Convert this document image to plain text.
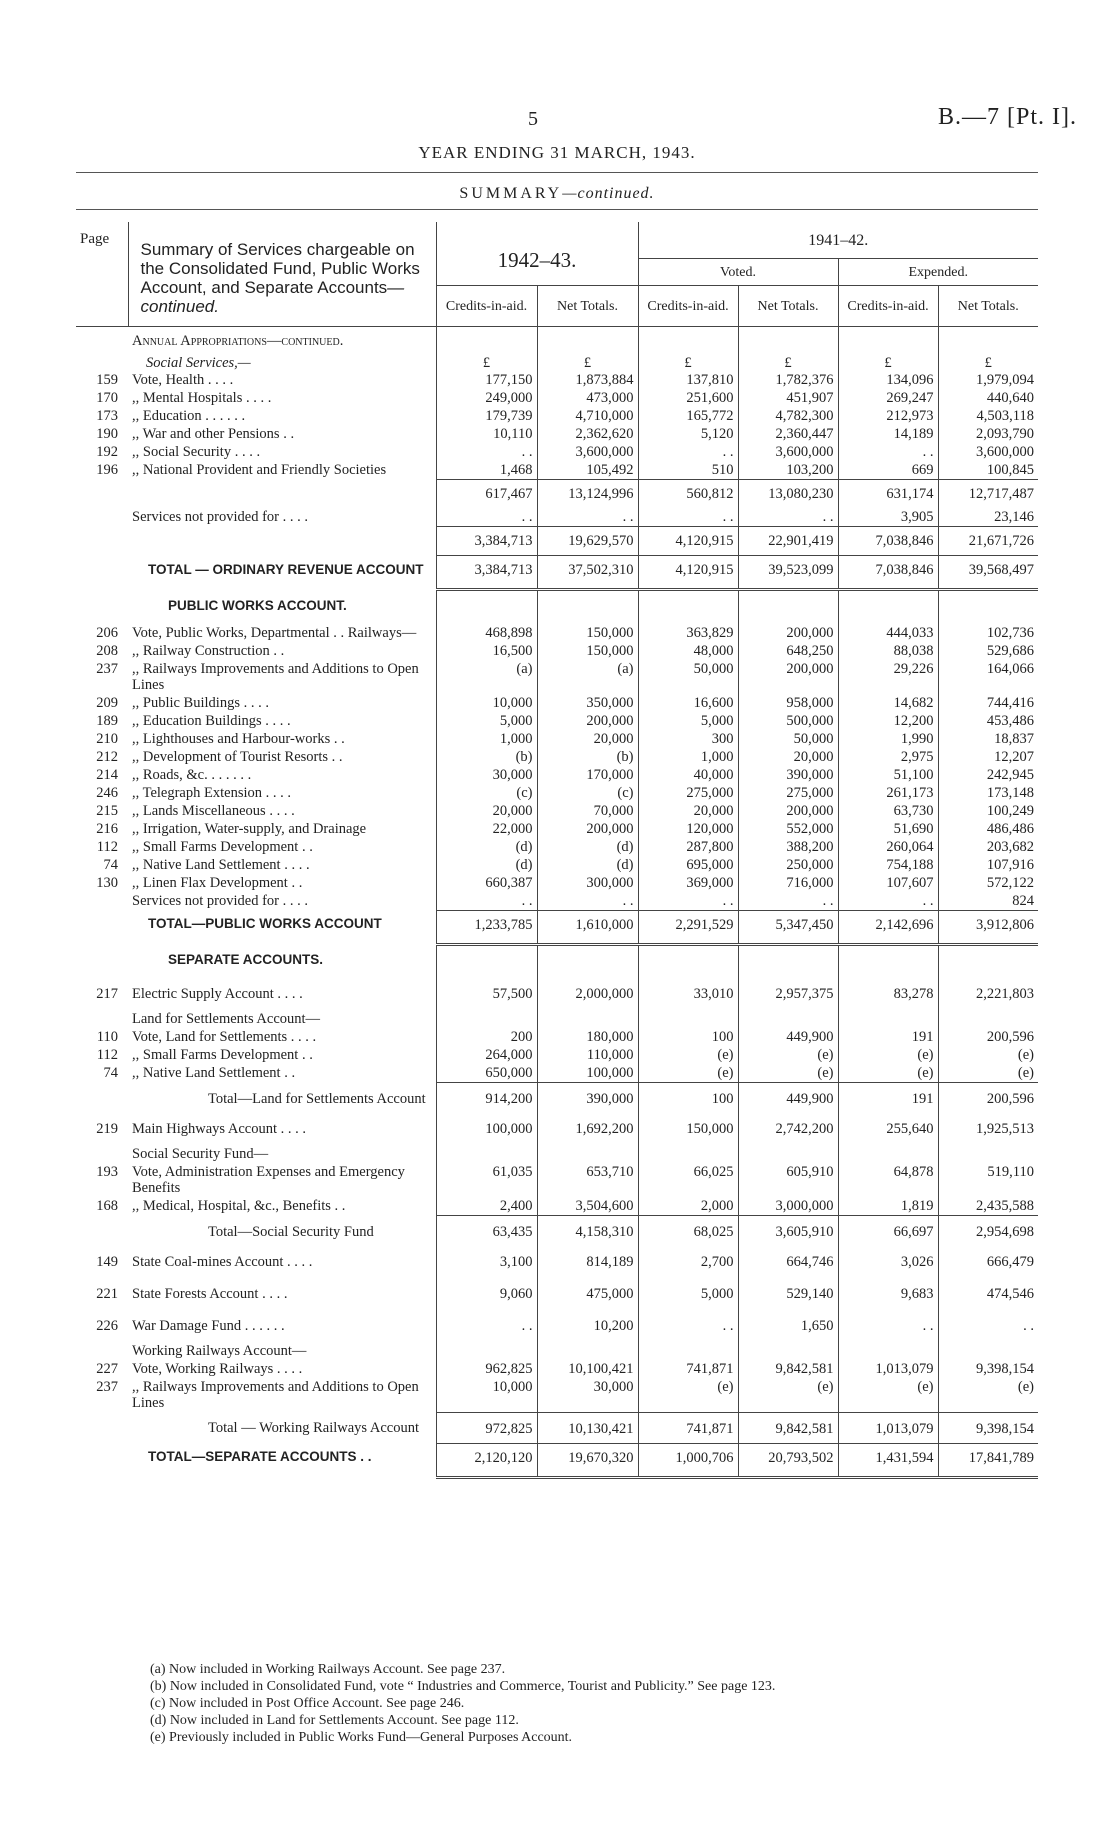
5	B.—7 [Pt. I].
YEAR ENDING 31 MARCH, 1943.
SUMMARY—continued.
Page	Summary of Services chargeable on the Consolidated Fund, Public Works Account, and Separate Accounts—continued.	1942–43.		1941–42.			
				Voted.		Expended.	
		Credits-in-aid.	Net Totals.	Credits-in-aid.	Net Totals.	Credits-in-aid.	Net Totals.
	Annual Appropriations—continued.						
	Social Services,—	£	£	£	£	£	£
159	Vote, Health . . . .	177,150	1,873,884	137,810	1,782,376	134,096	1,979,094
170	,, Mental Hospitals . . . .	249,000	473,000	251,600	451,907	269,247	440,640
173	,, Education . . . . . .	179,739	4,710,000	165,772	4,782,300	212,973	4,503,118
190	,, War and other Pensions . .	10,110	2,362,620	5,120	2,360,447	14,189	2,093,790
192	,, Social Security . . . .	. .	3,600,000	. .	3,600,000	. .	3,600,000
196	,, National Provident and Friendly Societies	1,468	105,492	510	103,200	669	100,845
		617,467	13,124,996	560,812	13,080,230	631,174	12,717,487
	Services not provided for . . . .	. .	. .	. .	. .	3,905	23,146
		3,384,713	19,629,570	4,120,915	22,901,419	7,038,846	21,671,726
	TOTAL — ORDINARY REVENUE ACCOUNT	3,384,713	37,502,310	4,120,915	39,523,099	7,038,846	39,568,497
	PUBLIC WORKS ACCOUNT.						
206	Vote, Public Works, Departmental . . Railways—	468,898	150,000	363,829	200,000	444,033	102,736
208	,, Railway Construction . .	16,500	150,000	48,000	648,250	88,038	529,686
237	,, Railways Improvements and Additions to Open Lines	(a)	(a)	50,000	200,000	29,226	164,066
209	,, Public Buildings . . . .	10,000	350,000	16,600	958,000	14,682	744,416
189	,, Education Buildings . . . .	5,000	200,000	5,000	500,000	12,200	453,486
210	,, Lighthouses and Harbour-works . .	1,000	20,000	300	50,000	1,990	18,837
212	,, Development of Tourist Resorts . .	(b)	(b)	1,000	20,000	2,975	12,207
214	,, Roads, &c. . . . . . .	30,000	170,000	40,000	390,000	51,100	242,945
246	,, Telegraph Extension . . . .	(c)	(c)	275,000	275,000	261,173	173,148
215	,, Lands Miscellaneous . . . .	20,000	70,000	20,000	200,000	63,730	100,249
216	,, Irrigation, Water-supply, and Drainage	22,000	200,000	120,000	552,000	51,690	486,486
112	,, Small Farms Development . .	(d)	(d)	287,800	388,200	260,064	203,682
74	,, Native Land Settlement . . . .	(d)	(d)	695,000	250,000	754,188	107,916
130	,, Linen Flax Development . .	660,387	300,000	369,000	716,000	107,607	572,122
	Services not provided for . . . .	. .	. .	. .	. .	. .	824
	TOTAL—PUBLIC WORKS ACCOUNT	1,233,785	1,610,000	2,291,529	5,347,450	2,142,696	3,912,806
	SEPARATE ACCOUNTS.						
217	Electric Supply Account . . . .	57,500	2,000,000	33,010	2,957,375	83,278	2,221,803
	Land for Settlements Account—						
110	Vote, Land for Settlements . . . .	200	180,000	100	449,900	191	200,596
112	,, Small Farms Development . .	264,000	110,000	(e)	(e)	(e)	(e)
74	,, Native Land Settlement . .	650,000	100,000	(e)	(e)	(e)	(e)
	Total—Land for Settlements Account	914,200	390,000	100	449,900	191	200,596
219	Main Highways Account . . . .	100,000	1,692,200	150,000	2,742,200	255,640	1,925,513
	Social Security Fund—						
193	Vote, Administration Expenses and Emergency Benefits	61,035	653,710	66,025	605,910	64,878	519,110
168	,, Medical, Hospital, &c., Benefits . .	2,400	3,504,600	2,000	3,000,000	1,819	2,435,588
	Total—Social Security Fund	63,435	4,158,310	68,025	3,605,910	66,697	2,954,698
149	State Coal-mines Account . . . .	3,100	814,189	2,700	664,746	3,026	666,479
221	State Forests Account . . . .	9,060	475,000	5,000	529,140	9,683	474,546
226	War Damage Fund . . . . . .	. .	10,200	. .	1,650	. .	. .
	Working Railways Account—						
227	Vote, Working Railways . . . .	962,825	10,100,421	741,871	9,842,581	1,013,079	9,398,154
237	,, Railways Improvements and Additions to Open Lines	10,000	30,000	(e)	(e)	(e)	(e)
	Total — Working Railways Account	972,825	10,130,421	741,871	9,842,581	1,013,079	9,398,154
	TOTAL—SEPARATE ACCOUNTS . .	2,120,120	19,670,320	1,000,706	20,793,502	1,431,594	17,841,789
(a) Now included in Working Railways Account. See page 237.
(b) Now included in Consolidated Fund, vote “ Industries and Commerce, Tourist and Publicity.” See page 123.
(c) Now included in Post Office Account. See page 246.
(d) Now included in Land for Settlements Account. See page 112.
(e) Previously included in Public Works Fund—General Purposes Account.
